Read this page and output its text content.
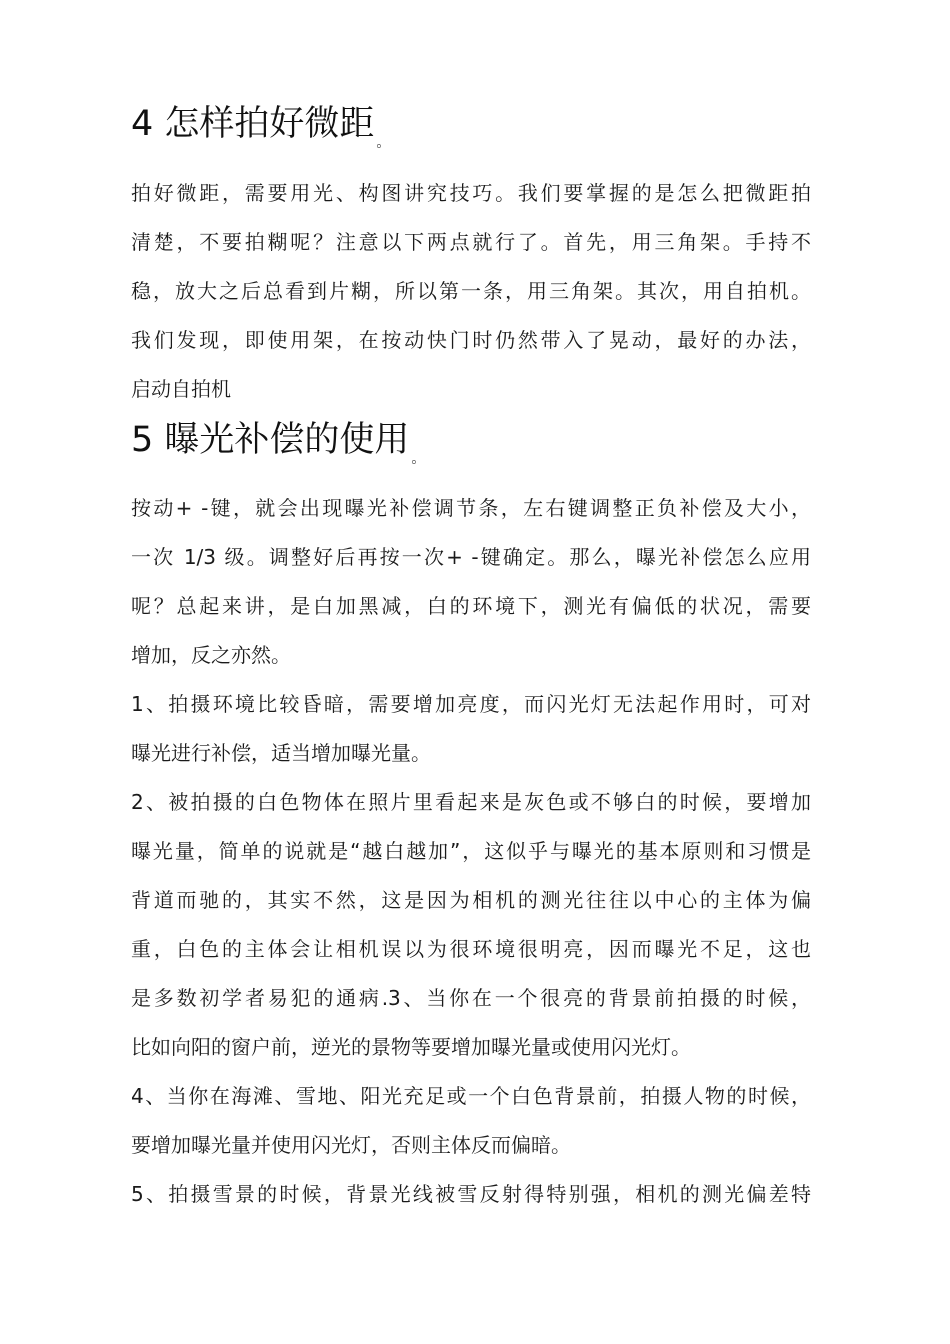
4 怎样拍好微距 $_。$
拍好微距，需要用光、构图讲究技巧。我们要掌握的是怎么把微距拍
清楚，不要拍糊呢？注意以下两点就行了。首先，用三角架。手持不
稳，放大之后总看到片糊，所以第一条，用三角架。其次，用自拍机。
我们发现，即使用架，在按动快门时仍然带入了晃动，最好的办法，
启动自拍机
5 曝光补偿的使用 $_。$
按动+ -键，就会出现曝光补偿调节条，左右键调整正负补偿及大小，
一次 1/3 级。调整好后再按一次+ -键确定。那么，曝光补偿怎么应用
呢？总起来讲，是白加黑减，白的环境下，测光有偏低的状况，需要
增加，反之亦然。
1、拍摄环境比较昏暗，需要增加亮度，而闪光灯无法起作用时，可对
曝光进行补偿，适当增加曝光量。
2、被拍摄的白色物体在照片里看起来是灰色或不够白的时候，要增加
曝光量，简单的说就是“越白越加”，这似乎与曝光的基本原则和习惯是
背道而驰的，其实不然，这是因为相机的测光往往以中心的主体为偏
重，白色的主体会让相机误以为很环境很明亮，因而曝光不足，这也
是多数初学者易犯的通病.3、当你在一个很亮的背景前拍摄的时候，
比如向阳的窗户前，逆光的景物等要增加曝光量或使用闪光灯。
4、当你在海滩、雪地、阳光充足或一个白色背景前，拍摄人物的时候，
要增加曝光量并使用闪光灯，否则主体反而偏暗。
5、拍摄雪景的时候，背景光线被雪反射得特别强，相机的测光偏差特
